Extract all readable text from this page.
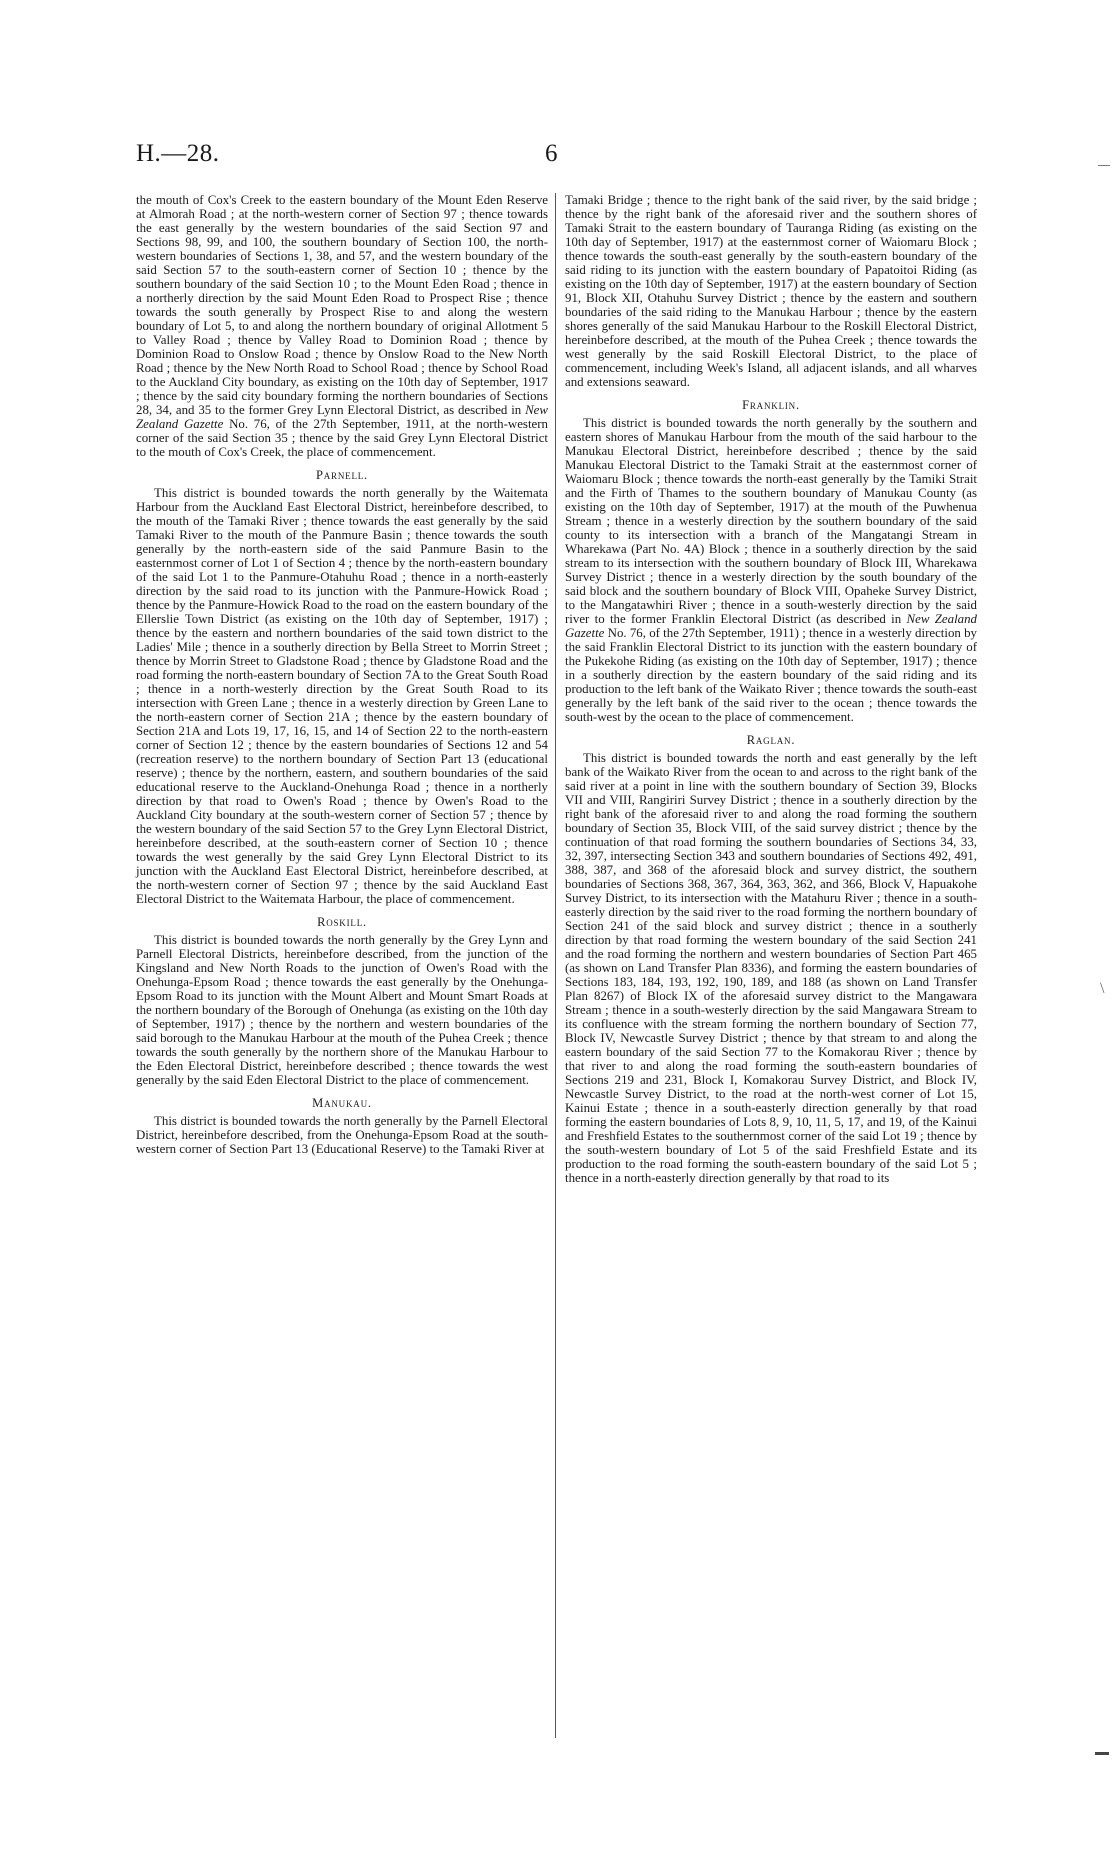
H.—28.	6
\

the mouth of Cox's Creek to the eastern boundary of the Mount Eden Reserve at Almorah Road ; at the north-western corner of Section 97 ; thence towards the east generally by the western boundaries of the said Section 97 and Sections 98, 99, and 100, the southern boundary of Section 100, the north-western boundaries of Sections 1, 38, and 57, and the western boundary of the said Section 57 to the south-eastern corner of Section 10 ; thence by the southern boundary of the said Section 10 ; to the Mount Eden Road ; thence in a northerly direction by the said Mount Eden Road to Prospect Rise ; thence towards the south generally by Prospect Rise to and along the western boundary of Lot 5, to and along the northern boundary of original Allotment 5 to Valley Road ; thence by Valley Road to Dominion Road ; thence by Dominion Road to Onslow Road ; thence by Onslow Road to the New North Road ; thence by the New North Road to School Road ; thence by School Road to the Auckland City boundary, as existing on the 10th day of September, 1917 ; thence by the said city boundary forming the northern boundaries of Sections 28, 34, and 35 to the former Grey Lynn Electoral District, as described in New Zealand Gazette No. 76, of the 27th September, 1911, at the north-western corner of the said Section 35 ; thence by the said Grey Lynn Electoral District to the mouth of Cox's Creek, the place of commencement.

Parnell.

This district is bounded towards the north generally by the Waitemata Harbour from the Auckland East Electoral District, hereinbefore described, to the mouth of the Tamaki River ; thence towards the east generally by the said Tamaki River to the mouth of the Panmure Basin ; thence towards the south generally by the north-eastern side of the said Panmure Basin to the easternmost corner of Lot 1 of Section 4 ; thence by the north-eastern boundary of the said Lot 1 to the Panmure-Otahuhu Road ; thence in a north-easterly direction by the said road to its junction with the Panmure-Howick Road ; thence by the Panmure-Howick Road to the road on the eastern boundary of the Ellerslie Town District (as existing on the 10th day of September, 1917) ; thence by the eastern and northern boundaries of the said town district to the Ladies' Mile ; thence in a southerly direction by Bella Street to Morrin Street ; thence by Morrin Street to Gladstone Road ; thence by Gladstone Road and the road forming the north-eastern boundary of Section 7A to the Great South Road ; thence in a north-westerly direction by the Great South Road to its intersection with Green Lane ; thence in a westerly direction by Green Lane to the north-eastern corner of Section 21A ; thence by the eastern boundary of Section 21A and Lots 19, 17, 16, 15, and 14 of Section 22 to the north-eastern corner of Section 12 ; thence by the eastern boundaries of Sections 12 and 54 (recreation reserve) to the northern boundary of Section Part 13 (educational reserve) ; thence by the northern, eastern, and southern boundaries of the said educational reserve to the Auckland-Onehunga Road ; thence in a northerly direction by that road to Owen's Road ; thence by Owen's Road to the Auckland City boundary at the south-western corner of Section 57 ; thence by the western boundary of the said Section 57 to the Grey Lynn Electoral District, hereinbefore described, at the south-eastern corner of Section 10 ; thence towards the west generally by the said Grey Lynn Electoral District to its junction with the Auckland East Electoral District, hereinbefore described, at the north-western corner of Section 97 ; thence by the said Auckland East Electoral District to the Waitemata Harbour, the place of commencement.

Roskill.

This district is bounded towards the north generally by the Grey Lynn and Parnell Electoral Districts, hereinbefore described, from the junction of the Kingsland and New North Roads to the junction of Owen's Road with the Onehunga-Epsom Road ; thence towards the east generally by the Onehunga-Epsom Road to its junction with the Mount Albert and Mount Smart Roads at the northern boundary of the Borough of Onehunga (as existing on the 10th day of September, 1917) ; thence by the northern and western boundaries of the said borough to the Manukau Harbour at the mouth of the Puhea Creek ; thence towards the south generally by the northern shore of the Manukau Harbour to the Eden Electoral District, hereinbefore described ; thence towards the west generally by the said Eden Electoral District to the place of commencement.

Manukau.

This district is bounded towards the north generally by the Parnell Electoral District, hereinbefore described, from the Onehunga-Epsom Road at the south-western corner of Section Part 13 (Educational Reserve) to the Tamaki River at

Tamaki Bridge ; thence to the right bank of the said river, by the said bridge ; thence by the right bank of the aforesaid river and the southern shores of Tamaki Strait to the eastern boundary of Tauranga Riding (as existing on the 10th day of September, 1917) at the easternmost corner of Waiomaru Block ; thence towards the south-east generally by the south-eastern boundary of the said riding to its junction with the eastern boundary of Papatoitoi Riding (as existing on the 10th day of September, 1917) at the eastern boundary of Section 91, Block XII, Otahuhu Survey District ; thence by the eastern and southern boundaries of the said riding to the Manukau Harbour ; thence by the eastern shores generally of the said Manukau Harbour to the Roskill Electoral District, hereinbefore described, at the mouth of the Puhea Creek ; thence towards the west generally by the said Roskill Electoral District, to the place of commencement, including Week's Island, all adjacent islands, and all wharves and extensions seaward.

Franklin.

This district is bounded towards the north generally by the southern and eastern shores of Manukau Harbour from the mouth of the said harbour to the Manukau Electoral District, hereinbefore described ; thence by the said Manukau Electoral District to the Tamaki Strait at the easternmost corner of Waiomaru Block ; thence towards the north-east generally by the Tamiki Strait and the Firth of Thames to the southern boundary of Manukau County (as existing on the 10th day of September, 1917) at the mouth of the Puwhenua Stream ; thence in a westerly direction by the southern boundary of the said county to its intersection with a branch of the Mangatangi Stream in Wharekawa (Part No. 4A) Block ; thence in a southerly direction by the said stream to its intersection with the southern boundary of Block III, Wharekawa Survey District ; thence in a westerly direction by the south boundary of the said block and the southern boundary of Block VIII, Opaheke Survey District, to the Mangatawhiri River ; thence in a south-westerly direction by the said river to the former Franklin Electoral District (as described in New Zealand Gazette No. 76, of the 27th September, 1911) ; thence in a westerly direction by the said Franklin Electoral District to its junction with the eastern boundary of the Pukekohe Riding (as existing on the 10th day of September, 1917) ; thence in a southerly direction by the eastern boundary of the said riding and its production to the left bank of the Waikato River ; thence towards the south-east generally by the left bank of the said river to the ocean ; thence towards the south-west by the ocean to the place of commencement.

Raglan.

This district is bounded towards the north and east generally by the left bank of the Waikato River from the ocean to and across to the right bank of the said river at a point in line with the southern boundary of Section 39, Blocks VII and VIII, Rangiriri Survey District ; thence in a southerly direction by the right bank of the aforesaid river to and along the road forming the southern boundary of Section 35, Block VIII, of the said survey district ; thence by the continuation of that road forming the southern boundaries of Sections 34, 33, 32, 397, intersecting Section 343 and southern boundaries of Sections 492, 491, 388, 387, and 368 of the aforesaid block and survey district, the southern boundaries of Sections 368, 367, 364, 363, 362, and 366, Block V, Hapuakohe Survey District, to its intersection with the Matahuru River ; thence in a south-easterly direction by the said river to the road forming the northern boundary of Section 241 of the said block and survey district ; thence in a southerly direction by that road forming the western boundary of the said Section 241 and the road forming the northern and western boundaries of Section Part 465 (as shown on Land Transfer Plan 8336), and forming the eastern boundaries of Sections 183, 184, 193, 192, 190, 189, and 188 (as shown on Land Transfer Plan 8267) of Block IX of the aforesaid survey district to the Mangawara Stream ; thence in a south-westerly direction by the said Mangawara Stream to its confluence with the stream forming the northern boundary of Section 77, Block IV, Newcastle Survey District ; thence by that stream to and along the eastern boundary of the said Section 77 to the Komakorau River ; thence by that river to and along the road forming the south-eastern boundaries of Sections 219 and 231, Block I, Komakorau Survey District, and Block IV, Newcastle Survey District, to the road at the north-west corner of Lot 15, Kainui Estate ; thence in a south-easterly direction generally by that road forming the eastern boundaries of Lots 8, 9, 10, 11, 5, 17, and 19, of the Kainui and Freshfield Estates to the southernmost corner of the said Lot 19 ; thence by the south-western boundary of Lot 5 of the said Freshfield Estate and its production to the road forming the south-eastern boundary of the said Lot 5 ; thence in a north-easterly direction generally by that road to its
